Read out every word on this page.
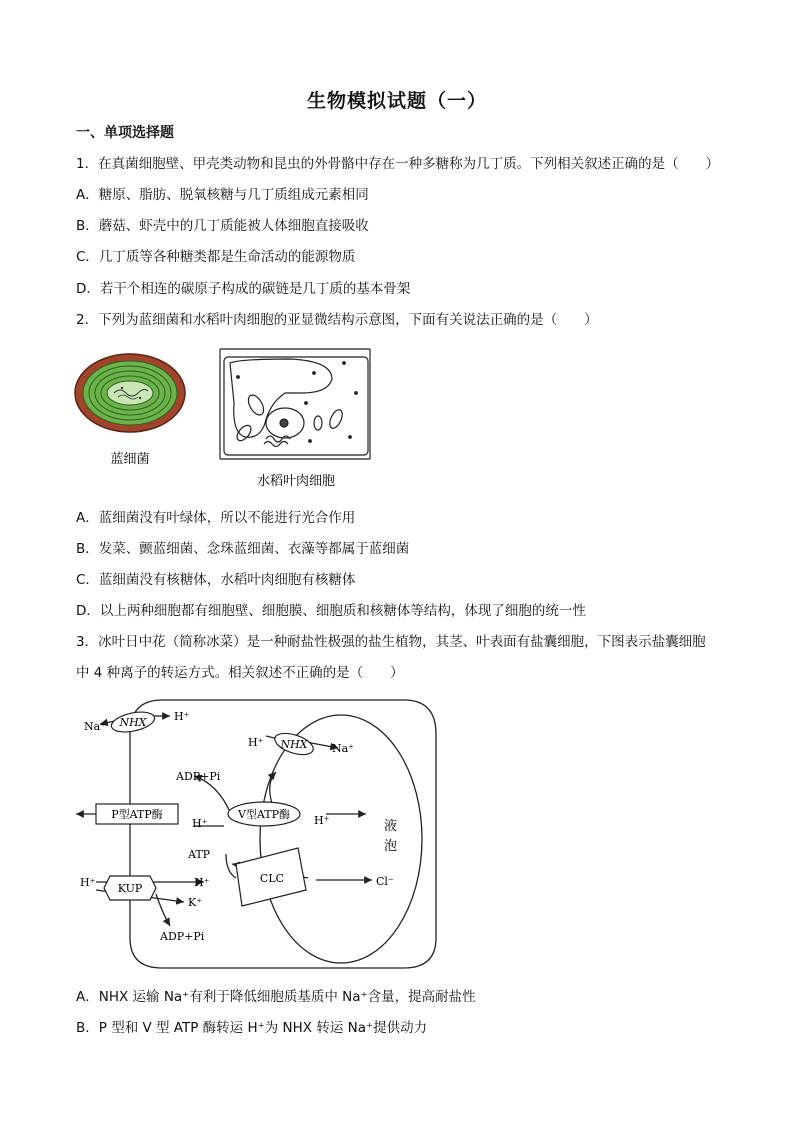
生物模拟试题（一）
一、单项选择题
1．在真菌细胞壁、甲壳类动物和昆虫的外骨骼中存在一种多糖称为几丁质。下列相关叙述正确的是（　　）
A．糖原、脂肪、脱氧核糖与几丁质组成元素相同
B．蘑菇、虾壳中的几丁质能被人体细胞直接吸收
C．几丁质等各种糖类都是生命活动的能源物质
D．若干个相连的碳原子构成的碳链是几丁质的基本骨架
2．下列为蓝细菌和水稻叶肉细胞的亚显微结构示意图，下面有关说法正确的是（　　）
蓝细菌
水稻叶肉细胞
A．蓝细菌没有叶绿体，所以不能进行光合作用
B．发菜、颤蓝细菌、念珠蓝细菌、衣藻等都属于蓝细菌
C．蓝细菌没有核糖体，水稻叶肉细胞有核糖体
D．以上两种细胞都有细胞壁、细胞膜、细胞质和核糖体等结构，体现了细胞的统一性
3．冰叶日中花（简称冰菜）是一种耐盐性极强的盐生植物，其茎、叶表面有盐囊细胞，下图表示盐囊细胞
中 4 种离子的转运方式。相关叙述不正确的是（　　）
NHX
Na⁺
H⁺
NHX
H⁺	Na⁺
ADP+Pi
P型ATP酶
H⁺
V型ATP酶 H⁺	液
泡
ATP
H⁺ KUP	H⁺
K⁺
CLC	Cl⁻
ADP+Pi
A．NHX 运输 Na⁺有利于降低细胞质基质中 Na⁺含量，提高耐盐性
B．P 型和 V 型 ATP 酶转运 H⁺为 NHX 转运 Na⁺提供动力
